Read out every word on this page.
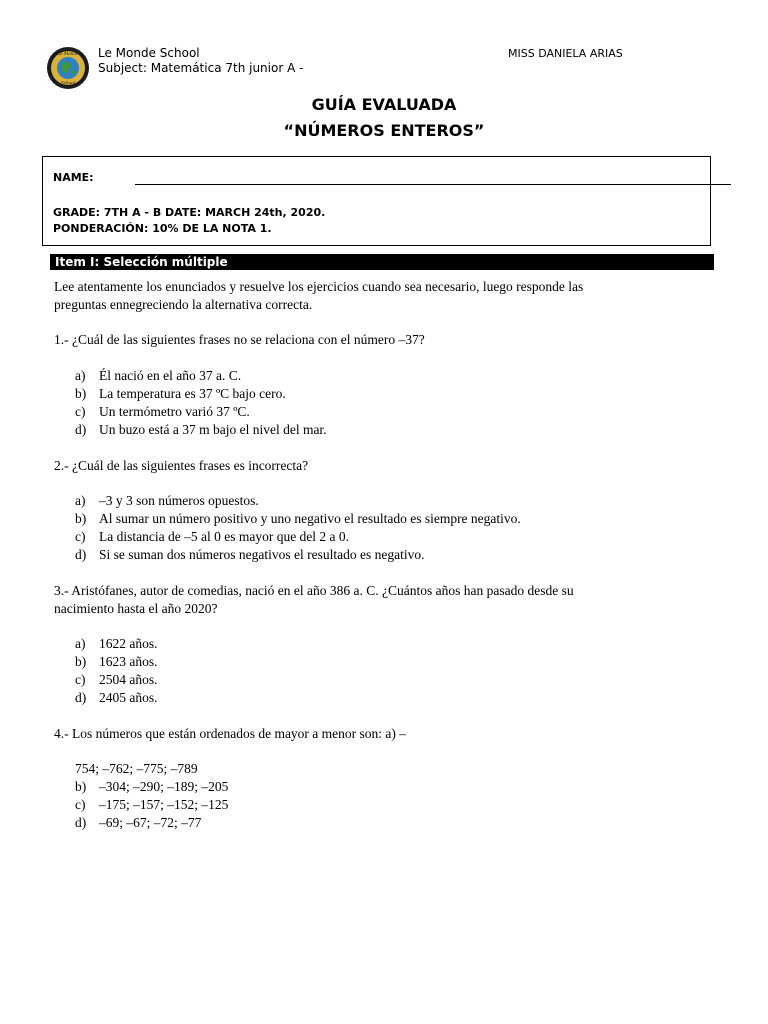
Le Monde
School
Le Monde School
Subject: Matemática 7th junior A -
MISS DANIELA ARIAS
GUÍA EVALUADA
“NÚMEROS ENTEROS”
NAME:
GRADE: 7TH A - B DATE: MARCH 24th, 2020.
PONDERACIÓN: 10% DE LA NOTA 1.
Item I: Selección múltiple
Lee atentamente los enunciados y resuelve los ejercicios cuando sea necesario, luego responde las
preguntas ennegreciendo la alternativa correcta.
1.- ¿Cuál de las siguientes frases no se relaciona con el número –37?
a) Él nació en el año 37 a. C.
b) La temperatura es 37 ºC bajo cero.
c) Un termómetro varió 37 ºC.
d) Un buzo está a 37 m bajo el nivel del mar.
2.- ¿Cuál de las siguientes frases es incorrecta?
a) –3 y 3 son números opuestos.
b) Al sumar un número positivo y uno negativo el resultado es siempre negativo.
c) La distancia de –5 al 0 es mayor que del 2 a 0.
d) Si se suman dos números negativos el resultado es negativo.
3.- Aristófanes, autor de comedias, nació en el año 386 a. C. ¿Cuántos años han pasado desde su
nacimiento hasta el año 2020?
a) 1622 años.
b) 1623 años.
c) 2504 años.
d) 2405 años.
4.- Los números que están ordenados de mayor a menor son: a) –
754; –762; –775; –789
b) –304; –290; –189; –205
c) –175; –157; –152; –125
d) –69; –67; –72; –77
